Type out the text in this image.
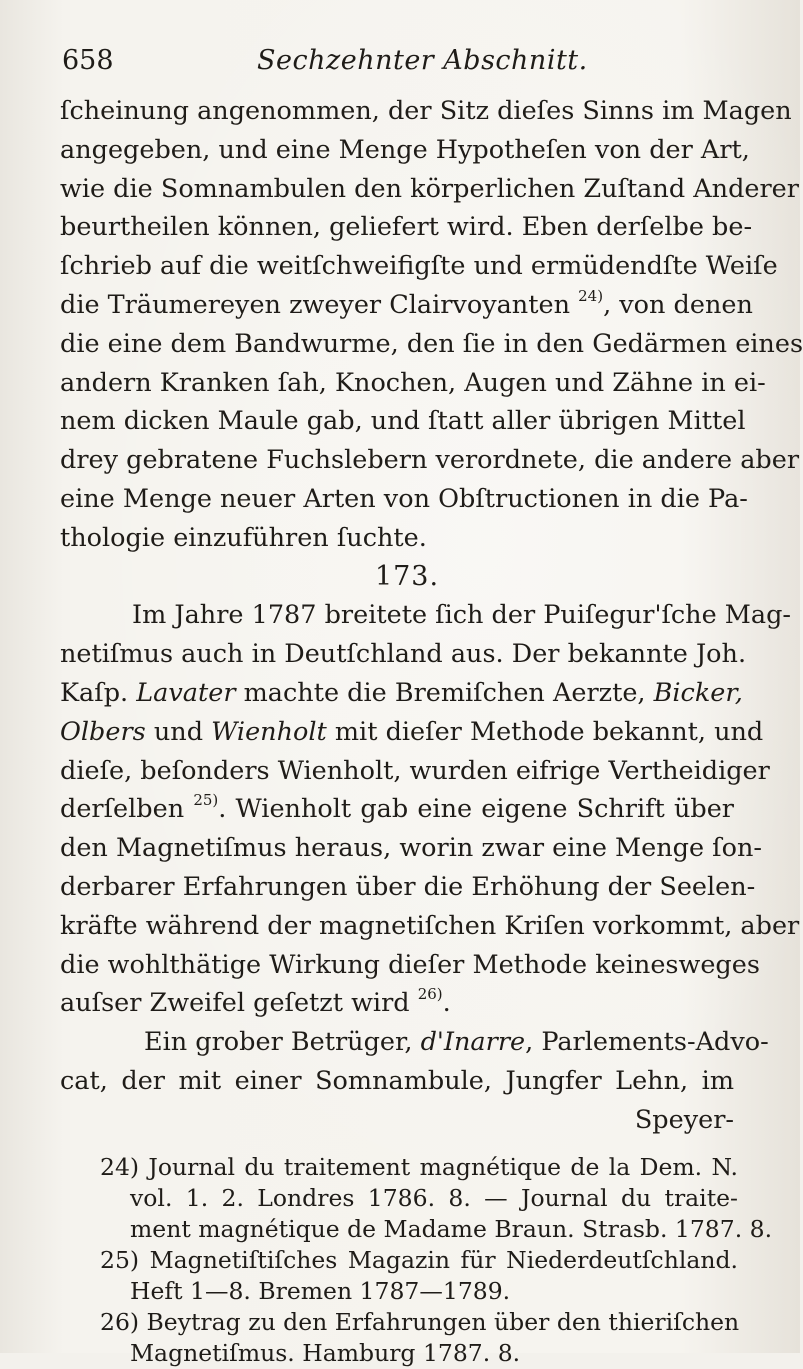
658	Sechzehnter Abschnitt.
ſcheinung angenommen, der Sitz dieſes Sinns im Magen
angegeben, und eine Menge Hypotheſen von der Art,
wie die Somnambulen den körperlichen Zuſtand Anderer
beurtheilen können, geliefert wird. Eben derſelbe be-
ſchrieb auf die weitſchweifigſte und ermüdendſte Weiſe
die Träumereyen zweyer Clairvoyanten $^{24)}$, von denen
die eine dem Bandwurme, den ſie in den Gedärmen eines
andern Kranken ſah, Knochen, Augen und Zähne in ei-
nem dicken Maule gab, und ſtatt aller übrigen Mittel
drey gebratene Fuchslebern verordnete, die andere aber
eine Menge neuer Arten von Obſtructionen in die Pa-
thologie einzuführen ſuchte.
173.
Im Jahre 1787 breitete ſich der Puiſegur'ſche Mag-
netiſmus auch in Deutſchland aus. Der bekannte Joh.
Kaſp. Lavater machte die Bremiſchen Aerzte, Bicker,
Olbers und Wienholt mit dieſer Methode bekannt, und
dieſe, beſonders Wienholt, wurden eifrige Vertheidiger
derſelben $^{25)}$. Wienholt gab eine eigene Schrift über
den Magnetiſmus heraus, worin zwar eine Menge ſon-
derbarer Erfahrungen über die Erhöhung der Seelen-
kräfte während der magnetiſchen Kriſen vorkommt, aber
die wohlthätige Wirkung dieſer Methode keinesweges
auſser Zweifel geſetzt wird $^{26)}$.
Ein grober Betrüger, d'Inarre, Parlements-Advo-
cat, der mit einer Somnambule, Jungfer Lehn, im
Speyer-
24) Journal du traitement magnétique de la Dem. N.
vol. 1. 2. Londres 1786. 8. — Journal du traite-
ment magnétique de Madame Braun. Strasb. 1787. 8.
25) Magnetiſtiſches Magazin für Niederdeutſchland.
Heft 1—8. Bremen 1787—1789.
26) Beytrag zu den Erfahrungen über den thieriſchen
Magnetiſmus. Hamburg 1787. 8.
